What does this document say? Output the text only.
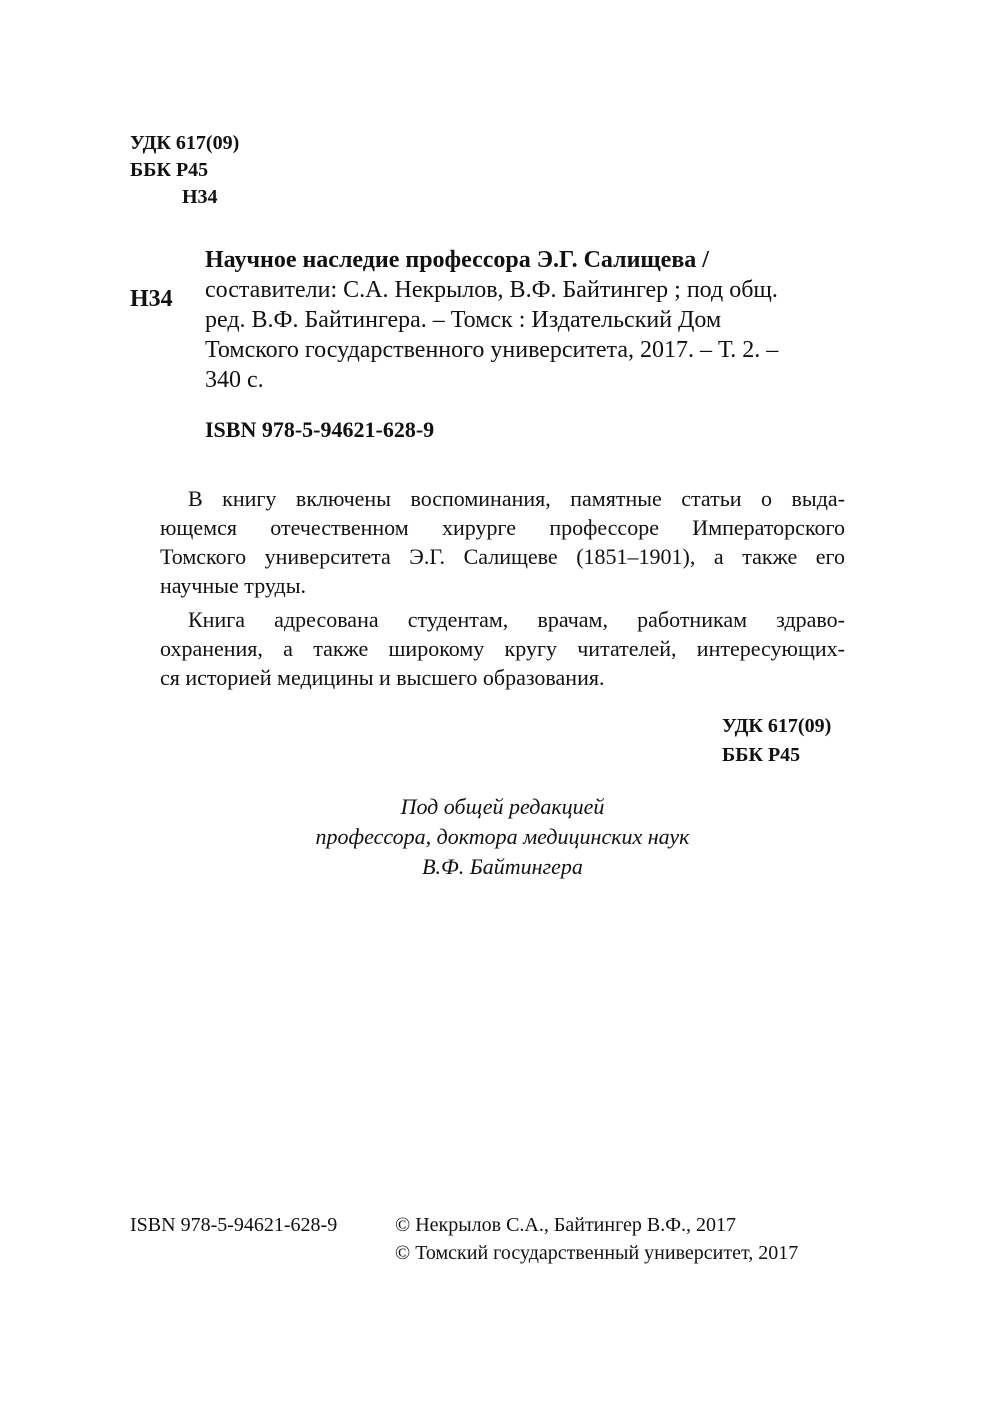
УДК 617(09)
ББК Р45
Н34
Н34
Научное наследие профессора Э.Г. Салищева /
составители: С.А. Некрылов, В.Ф. Байтингер ; под общ.
ред. В.Ф. Байтингера. – Томск : Издательский Дом
Томского государственного университета, 2017. – Т. 2. –
340 с.
ISBN 978-5-94621-628-9

В книгу включены воспоминания, памятные статьи о выда-
ющемся отечественном хирурге профессоре Императорского
Томского университета Э.Г. Салищеве (1851–1901), а также его
научные труды.

Книга адресована студентам, врачам, работникам здраво-
охранения, а также широкому кругу читателей, интересующих-
ся историей медицины и высшего образования.

УДК 617(09)
ББК Р45
Под общей редакцией
профессора, доктора медицинских наук
В.Ф. Байтингера
ISBN 978-5-94621-628-9	© Некрылов С.А., Байтингер В.Ф., 2017
© Томский государственный университет, 2017
